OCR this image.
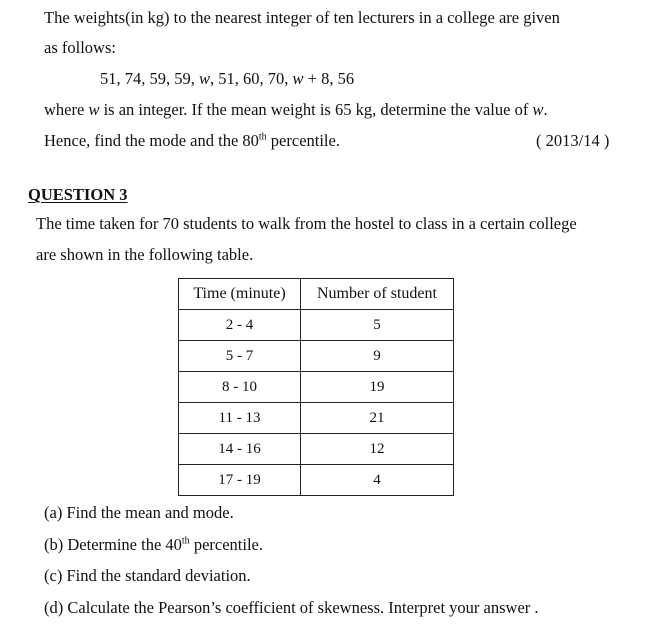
The weights(in kg) to the nearest integer of ten lecturers in a college are given
as follows:
51, 74, 59, 59, w, 51, 60, 70, w + 8, 56
where w is an integer. If the mean weight is 65 kg, determine the value of w.
Hence, find the mode and the 80th percentile.	( 2013/14 )
QUESTION 3
The time taken for 70 students to walk from the hostel to class in a certain college
are shown in the following table.
Time (minute)	Number of student
2 - 4	5
5 - 7	9
8 - 10	19
11 - 13	21
14 - 16	12
17 - 19	4
(a) Find the mean and mode.
(b) Determine the 40th percentile.
(c) Find the standard deviation.
(d) Calculate the Pearson’s coefficient of skewness. Interpret your answer .
